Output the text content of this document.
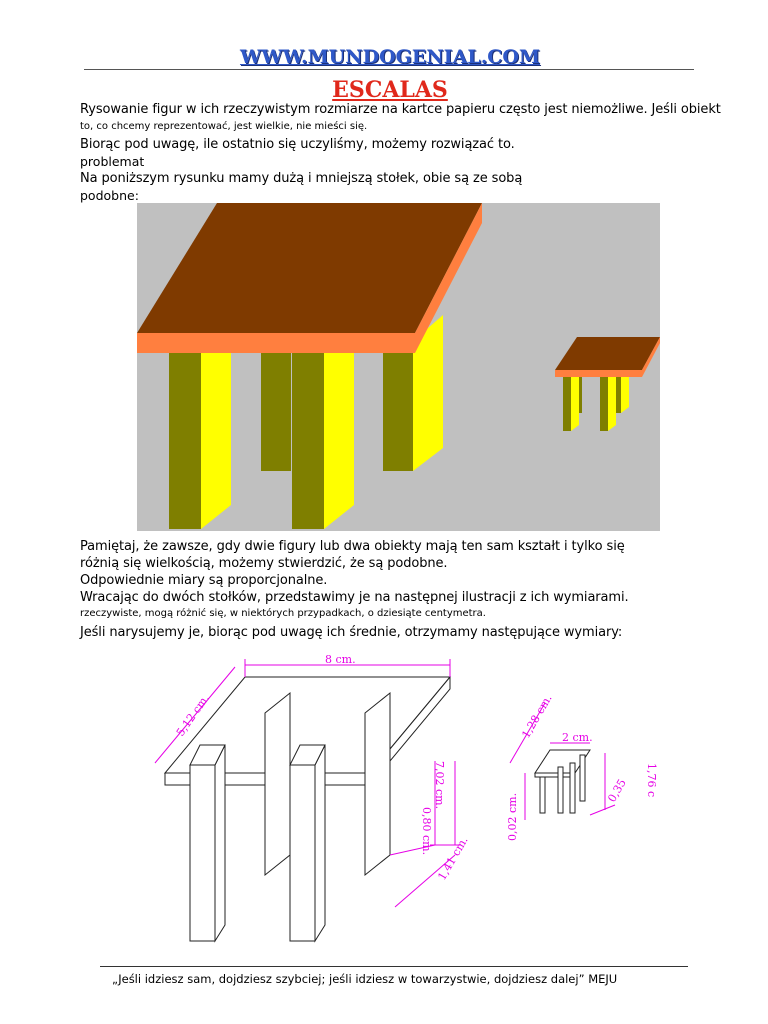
WWW.MUNDOGENIAL.COM
ESCALAS
Rysowanie figur w ich rzeczywistym rozmiarze na kartce papieru często jest niemożliwe. Jeśli obiekt
to, co chcemy reprezentować, jest wielkie, nie mieści się.
Biorąc pod uwagę, ile ostatnio się uczyliśmy, możemy rozwiązać to.
problemat
Na poniższym rysunku mamy dużą i mniejszą stołek, obie są ze sobą
podobne:
Pamiętaj, że zawsze, gdy dwie figury lub dwa obiekty mają ten sam kształt i tylko się
różnią się wielkością, możemy stwierdzić, że są podobne.
Odpowiednie miary są proporcjonalne.
Wracając do dwóch stołków, przedstawimy je na następnej ilustracji z ich wymiarami.
rzeczywiste, mogą różnić się, w niektórych przypadkach, o dziesiąte centymetra.
Jeśli narysujemy je, biorąc pod uwagę ich średnie, otrzymamy następujące wymiary:
8 cm.
5,12 cm.
7,02 cm.
0,80 cm.
1,41 cm.
2 cm.
1,28 cm.
1,76 c
0,35
0,02 cm.
„Jeśli idziesz sam, dojdziesz szybciej; jeśli idziesz w towarzystwie, dojdziesz dalej” MEJU
